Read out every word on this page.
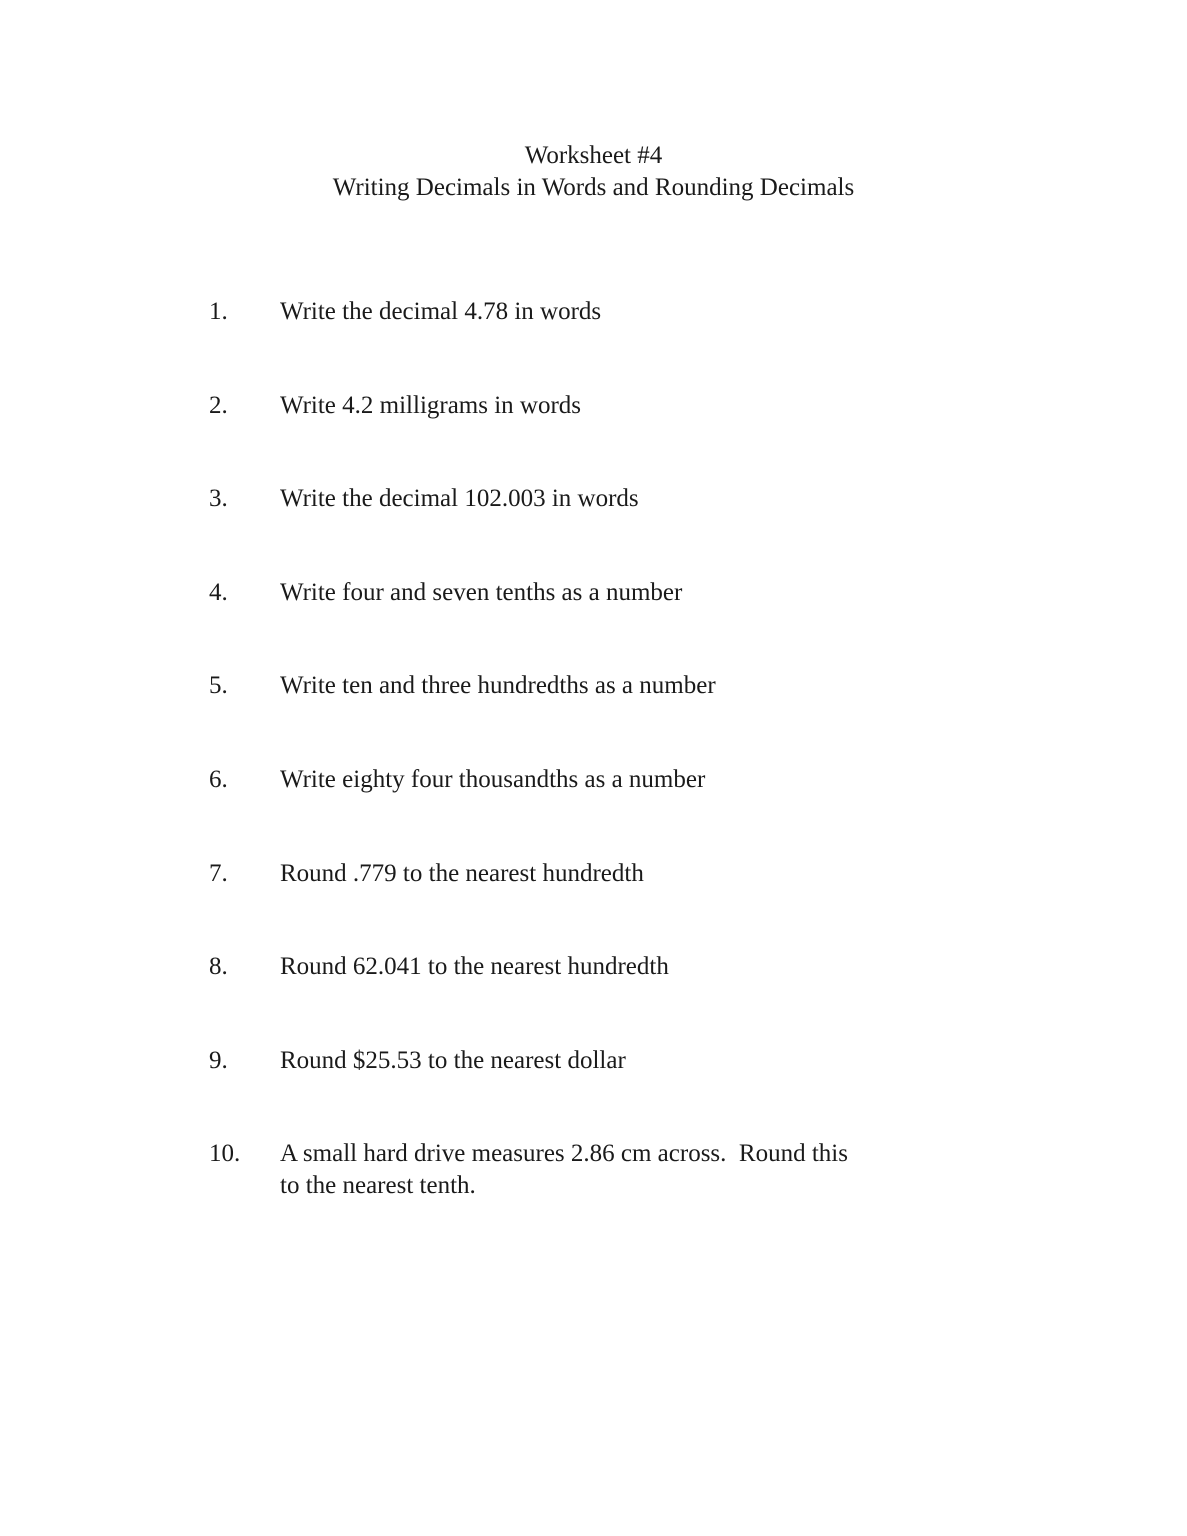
Worksheet #4
Writing Decimals in Words and Rounding Decimals
1.	Write the decimal 4.78 in words
2.	Write 4.2 milligrams in words
3.	Write the decimal 102.003 in words
4.	Write four and seven tenths as a number
5.	Write ten and three hundredths as a number
6.	Write eighty four thousandths as a number
7.	Round .779 to the nearest hundredth
8.	Round 62.041 to the nearest hundredth
9.	Round $25.53 to the nearest dollar
10.	A small hard drive measures 2.86 cm across.  Round this
to the nearest tenth.
